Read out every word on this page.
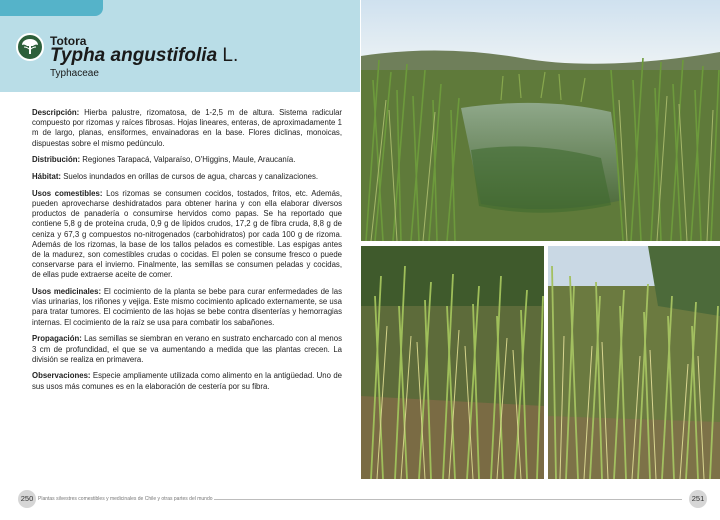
Totora
Typha angustifolia L.
Typhaceae

Descripción: Hierba palustre, rizomatosa, de 1-2,5 m de altura. Sistema radicular compuesto por rizomas y raíces fibrosas. Hojas lineares, enteras, de aproximadamente 1 m de largo, planas, ensiformes, envainadoras en la base. Flores diclinas, monoicas, dispuestas sobre el mismo pedúnculo.

Distribución: Regiones Tarapacá, Valparaíso, O'Higgins, Maule, Araucanía.

Hábitat: Suelos inundados en orillas de cursos de agua, charcas y canalizaciones.

Usos comestibles: Los rizomas se consumen cocidos, tostados, fritos, etc. Además, pueden aprovecharse deshidratados para obtener harina y con ella elaborar diversos productos de panadería o consumirse hervidos como papas. Se ha reportado que contiene 5,8 g de proteína cruda, 0,9 g de lípidos crudos, 17,2 g de fibra cruda, 8,8 g de ceniza y 67,3 g compuestos no-nitrogenados (carbohidratos) por cada 100 g de rizoma. Además de los rizomas, la base de los tallos pelados es comestible. Las espigas antes de la madurez, son comestibles crudas o cocidas. El polen se consume fresco o puede conservarse para el invierno. Finalmente, las semillas se consumen peladas y cocidas, de ellas pude extraerse aceite de comer.

Usos medicinales: El cocimiento de la planta se bebe para curar enfermedades de las vías urinarias, los riñones y vejiga. Este mismo cocimiento aplicado externamente, se usa para tratar tumores. El cocimiento de las hojas se bebe contra disenterías y hemorragias internas. El cocimiento de la raíz se usa para combatir los sabañones.

Propagación: Las semillas se siembran en verano en sustrato encharcado con al menos 3 cm de profundidad, el que se va aumentando a medida que las plantas crecen. La división se realiza en primavera.

Observaciones: Especie ampliamente utilizada como alimento en la antigüedad. Uno de sus usos más comunes es en la elaboración de cestería por su fibra.

250 Plantas silvestres comestibles y medicinales de Chile y otras partes del mundo	251
